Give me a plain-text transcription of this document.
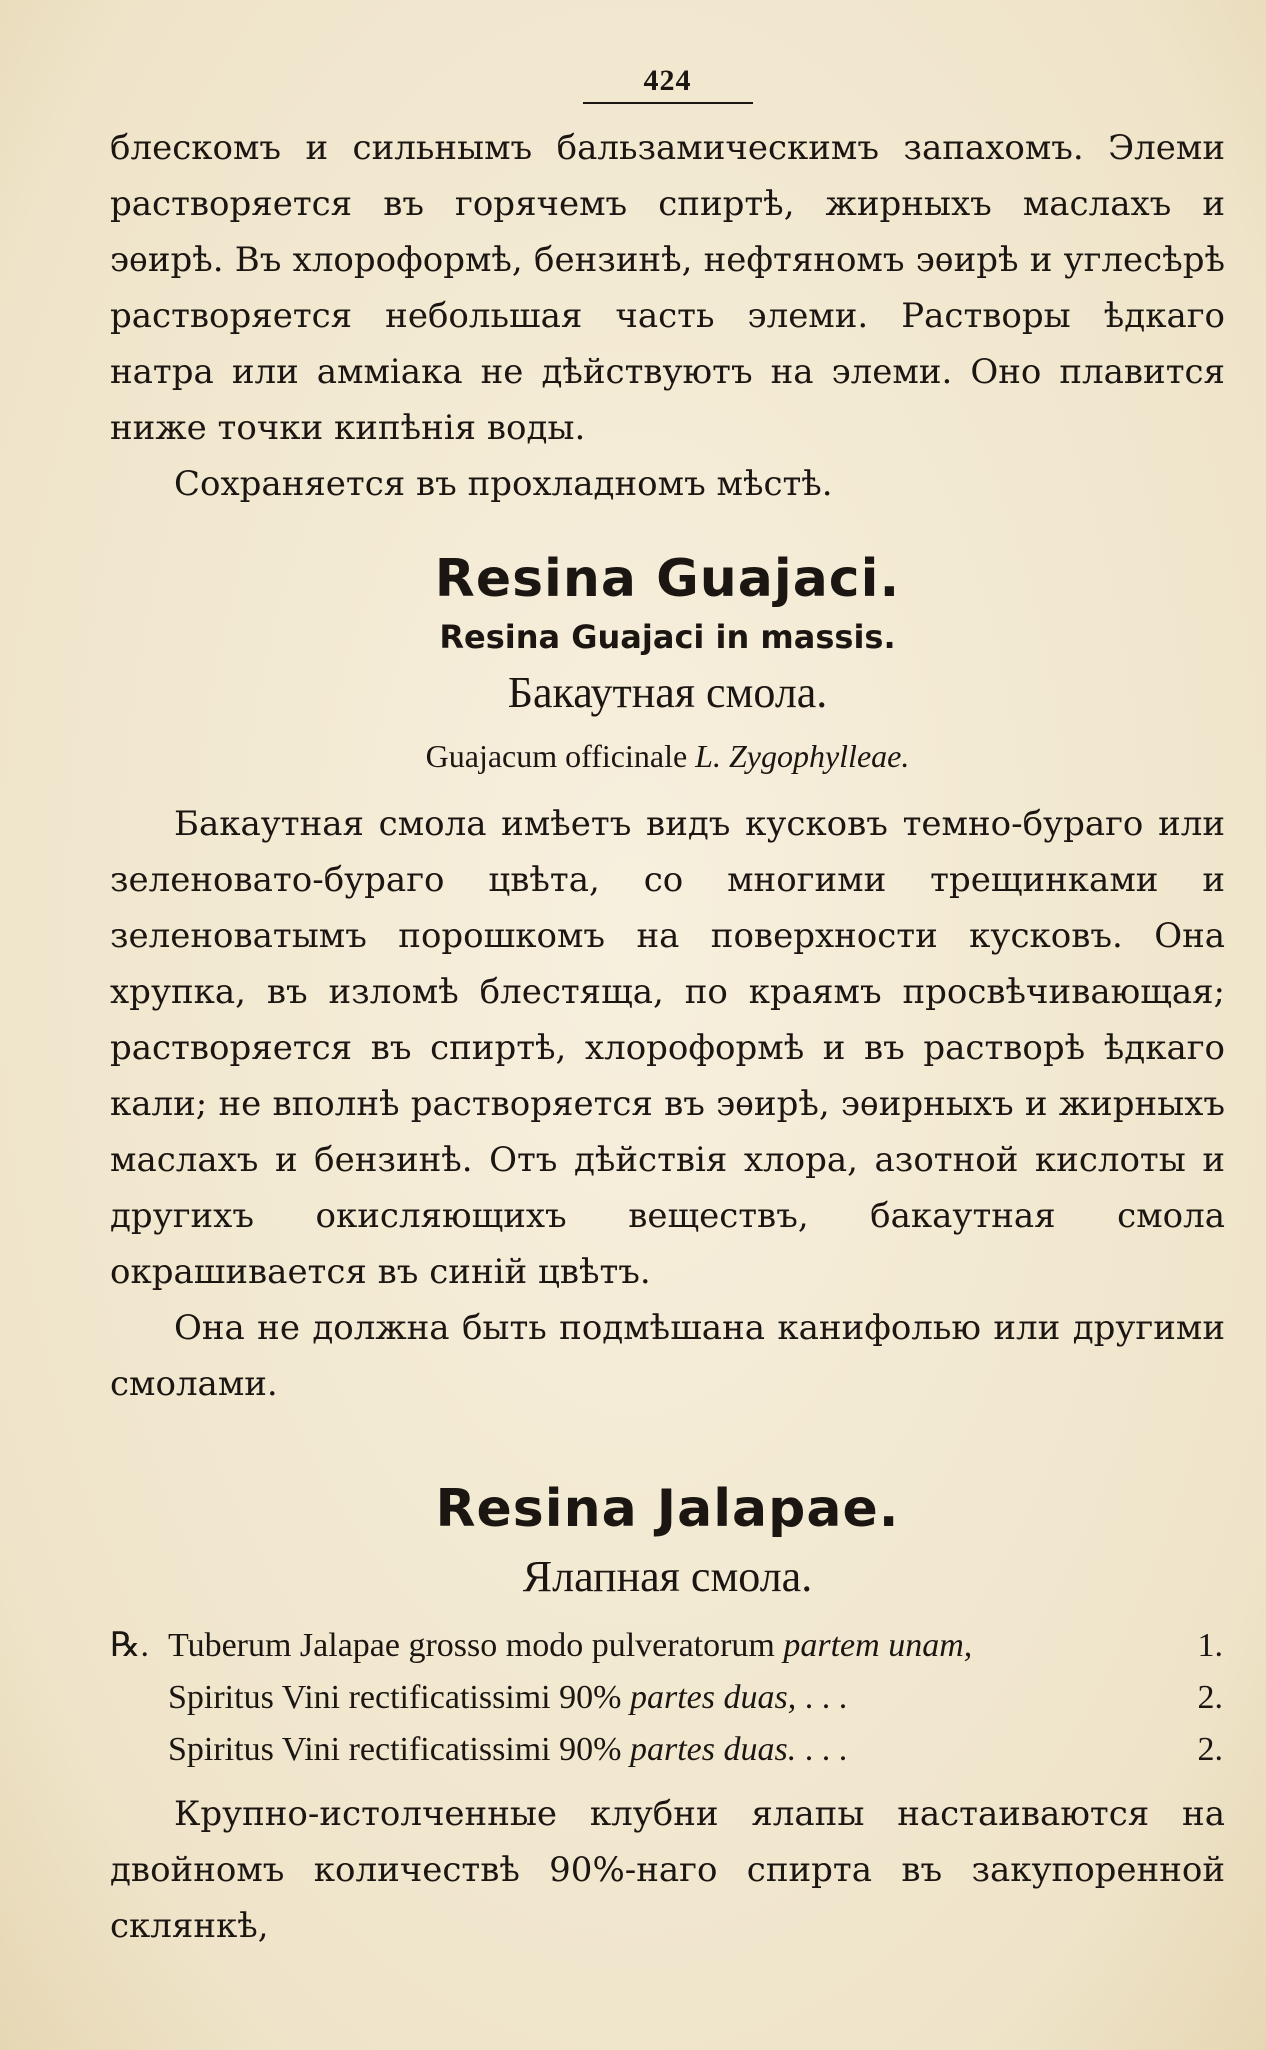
424

блескомъ и сильнымъ бальзамическимъ запахомъ. Элеми растворяется въ горячемъ спиртѣ, жирныхъ маслахъ и эѳирѣ. Въ хлороформѣ, бензинѣ, нефтяномъ эѳирѣ и углесѣрѣ растворяется небольшая часть элеми. Растворы ѣдкаго натра или амміака не дѣйствуютъ на элеми. Оно плавится ниже точки кипѣнія воды.

Сохраняется въ прохладномъ мѣстѣ.

Resina Guajaci.
Resina Guajaci in massis.
Бакаутная смола.
Guajacum officinale L. Zygophylleae.

Бакаутная смола имѣетъ видъ кусковъ темно-бураго или зеленовато-бураго цвѣта, со многими трещинками и зеленоватымъ порошкомъ на поверхности кусковъ. Она хрупка, въ изломѣ блестяща, по краямъ просвѣчивающая; растворяется въ спиртѣ, хлороформѣ и въ растворѣ ѣдкаго кали; не вполнѣ растворяется въ эѳирѣ, эѳирныхъ и жирныхъ маслахъ и бензинѣ. Отъ дѣйствія хлора, азотной кислоты и другихъ окисляющихъ веществъ, бакаутная смола окрашивается въ синій цвѣтъ.

Она не должна быть подмѣшана канифолью или другими смолами.

Resina Jalapae.
Ялапная смола.
℞. Tuberum Jalapae grosso modo pulveratorum partem unam,	1.
Spiritus Vini rectificatissimi 90% partes duas, . . .	2.
Spiritus Vini rectificatissimi 90% partes duas. . . .	2.

Крупно-истолченные клубни ялапы настаиваются на двойномъ количествѣ 90%-наго спирта въ закупоренной склянкѣ,
